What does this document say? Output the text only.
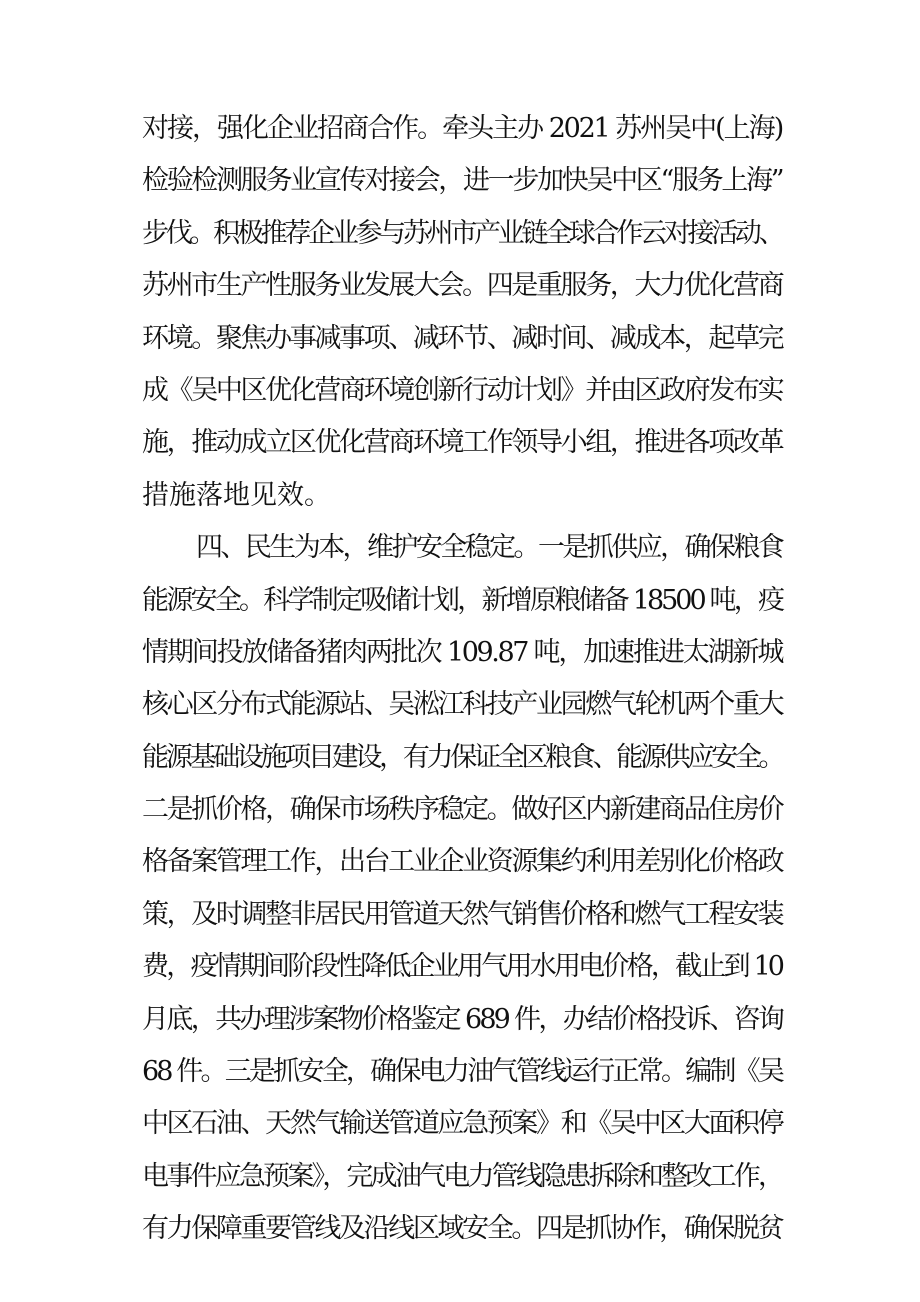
对接，强化企业招商合作。牵头主办 2021 苏州吴中(上海)
检验检测服务业宣传对接会，进一步加快吴中区“服务上海”
步伐。积极推荐企业参与苏州市产业链全球合作云对接活动、
苏州市生产性服务业发展大会。四是重服务，大力优化营商
环境。聚焦办事减事项、减环节、减时间、减成本，起草完
成《吴中区优化营商环境创新行动计划》并由区政府发布实
施，推动成立区优化营商环境工作领导小组，推进各项改革
措施落地见效。
四、民生为本，维护安全稳定。一是抓供应，确保粮食
能源安全。科学制定吸储计划，新增原粮储备 18500 吨，疫
情期间投放储备猪肉两批次 109.87 吨，加速推进太湖新城
核心区分布式能源站、吴淞江科技产业园燃气轮机两个重大
能源基础设施项目建设，有力保证全区粮食、能源供应安全。
二是抓价格，确保市场秩序稳定。做好区内新建商品住房价
格备案管理工作，出台工业企业资源集约利用差别化价格政
策，及时调整非居民用管道天然气销售价格和燃气工程安装
费，疫情期间阶段性降低企业用气用水用电价格，截止到 10
月底，共办理涉案物价格鉴定 689 件，办结价格投诉、咨询
68 件。三是抓安全，确保电力油气管线运行正常。编制《吴
中区石油、天然气输送管道应急预案》和《吴中区大面积停
电事件应急预案》，完成油气电力管线隐患拆除和整改工作，
有力保障重要管线及沿线区域安全。四是抓协作，确保脱贫
